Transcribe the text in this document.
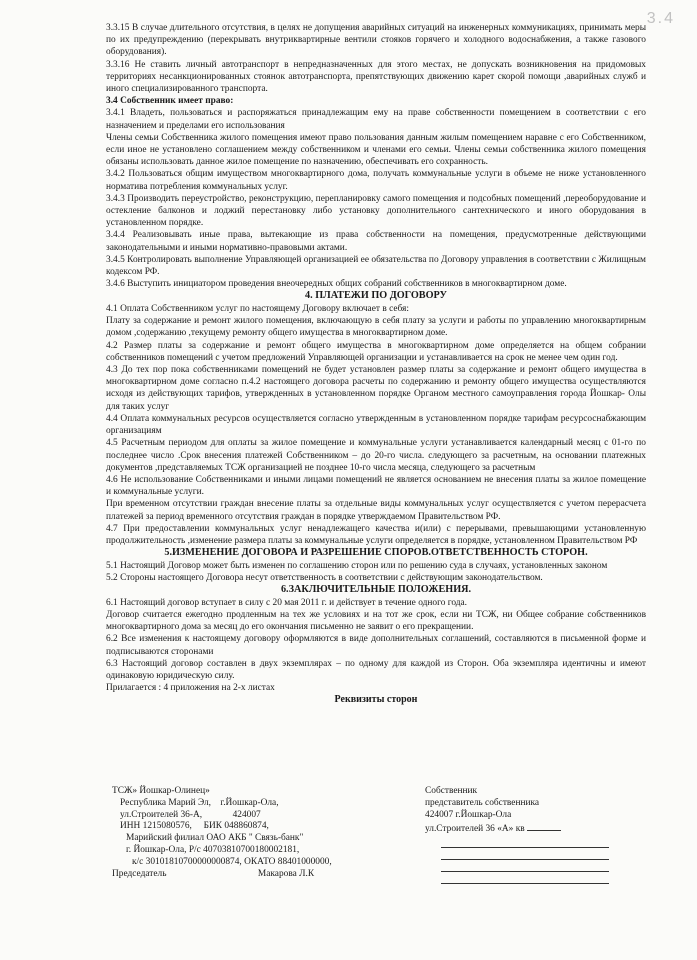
3.4

3.3.15 В случае длительного отсутствия, в целях не допущения аварийных ситуаций на инженерных коммуникациях, принимать меры по их предупреждению (перекрывать внутриквартирные вентили стояков горячего и холодного водоснабжения, а также газового оборудования).

3.3.16 Не ставить личный автотранспорт в непредназначенных для этого местах, не допускать возникновения на придомовых территориях несанкционированных стоянок автотранспорта, препятствующих движению карет скорой помощи ,аварийных служб и иного специализированного транспорта.

3.4 Собственник имеет право:

3.4.1 Владеть, пользоваться и распоряжаться принадлежащим ему на праве собственности помещением в соответствии с его назначением и пределами его использования

Члены семьи Собственника жилого помещения имеют право пользования данным жилым помещением наравне с его Собственником, если иное не установлено соглашением между собственником и членами его семьи. Члены семьи собственника жилого помещения обязаны использовать данное жилое помещение по назначению, обеспечивать его сохранность.

3.4.2 Пользоваться общим имуществом многоквартирного дома, получать коммунальные услуги в объеме не ниже установленного норматива потребления коммунальных услуг.

3.4.3 Производить переустройство, реконструкцию, перепланировку самого помещения и подсобных помещений ,переоборудование и остекление балконов и лоджий перестановку либо установку дополнительного сантехнического и иного оборудования в установленном порядке.

3.4.4 Реализовывать иные права, вытекающие из права собственности на помещения, предусмотренные действующими законодательными и иными нормативно-правовыми актами.

3.4.5 Контролировать выполнение Управляющей организацией ее обязательства по Договору управления в соответствии с Жилищным кодексом РФ.

3.4.6 Выступить инициатором проведения внеочередных общих собраний собственников в многоквартирном доме.

4. ПЛАТЕЖИ ПО ДОГОВОРУ

4.1 Оплата Собственником услуг по настоящему Договору включает в себя:

Плату за содержание и ремонт жилого помещения, включающую в себя плату за услуги и работы по управлению многоквартирным домом ,содержанию ,текущему ремонту общего имущества в многоквартирном доме.

4.2 Размер платы за содержание и ремонт общего имущества в многоквартирном доме определяется на общем собрании собственников помещений с учетом предложений Управляющей организации и устанавливается на срок не менее чем один год.

4.3 До тех пор пока собственниками помещений не будет установлен размер платы за содержание и ремонт общего имущества в многоквартирном доме согласно п.4.2 настоящего договора расчеты по содержанию и ремонту общего имущества осуществляются исходя из действующих тарифов, утвержденных в установленном порядке Органом местного самоуправления города Йошкар- Олы для таких услуг

4.4 Оплата коммунальных ресурсов осуществляется согласно утвержденным в установленном порядке тарифам ресурсоснабжающим организациям

4.5 Расчетным периодом для оплаты за жилое помещение и коммунальные услуги устанавливается календарный месяц с 01-го по последнее число .Срок внесения платежей Собственником – до 20-го числа. следующего за расчетным, на основании платежных документов ,представляемых ТСЖ организацией не позднее 10-го числа месяца, следующего за расчетным

4.6 Не использование Собственниками и иными лицами помещений не является основанием не внесения платы за жилое помещение и коммунальные услуги.

При временном отсутствии граждан внесение платы за отдельные виды коммунальных услуг осуществляется с учетом перерасчета платежей за период временного отсутствия граждан в порядке утверждаемом Правительством РФ.

4.7 При предоставлении коммунальных услуг ненадлежащего качества и(или) с перерывами, превышающими установленную продолжительность ,изменение размера платы за коммунальные услуги определяется в порядке, установленном Правительством РФ

5.ИЗМЕНЕНИЕ ДОГОВОРА И РАЗРЕШЕНИЕ СПОРОВ.ОТВЕТСТВЕННОСТЬ СТОРОН.

5.1 Настоящий Договор может быть изменен по соглашению сторон или по решению суда в случаях, установленных законом

5.2 Стороны настоящего Договора несут ответственность в соответствии с действующим законодательством.

6.ЗАКЛЮЧИТЕЛЬНЫЕ ПОЛОЖЕНИЯ.

6.1 Настоящий договор вступает в силу с 20 мая 2011 г. и действует в течение одного года.

Договор считается ежегодно продленным на тех же условиях и на тот же срок, если ни ТСЖ, ни Общее собрание собственников многоквартирного дома за месяц до его окончания письменно не заявит о его прекращении.

6.2 Все изменения к настоящему договору оформляются в виде дополнительных соглашений, составляются в письменной форме и подписываются сторонами

6.3 Настоящий договор составлен в двух экземплярах – по одному для каждой из Сторон. Оба экземпляра идентичны и имеют одинаковую юридическую силу.

Прилагается : 4 приложения на 2-х листах

Реквизиты сторон

ТСЖ» Йошкар-Олинец»

Республика Марий Эл, г.Йошкар-Ола,

ул.Строителей 36-А,	424007

ИНН 1215080576, БИК 048860874,

Марийский филиал ОАО АКБ " Связь-банк"

г. Йошкар-Ола, Р/с 40703810700180002181,

к/с 30101810700000000874, ОКАТО 88401000000,

Председатель	Макарова Л.К

Собственник

представитель собственника

424007 г.Йошкар-Ола

ул.Строителей 36 «А» кв
